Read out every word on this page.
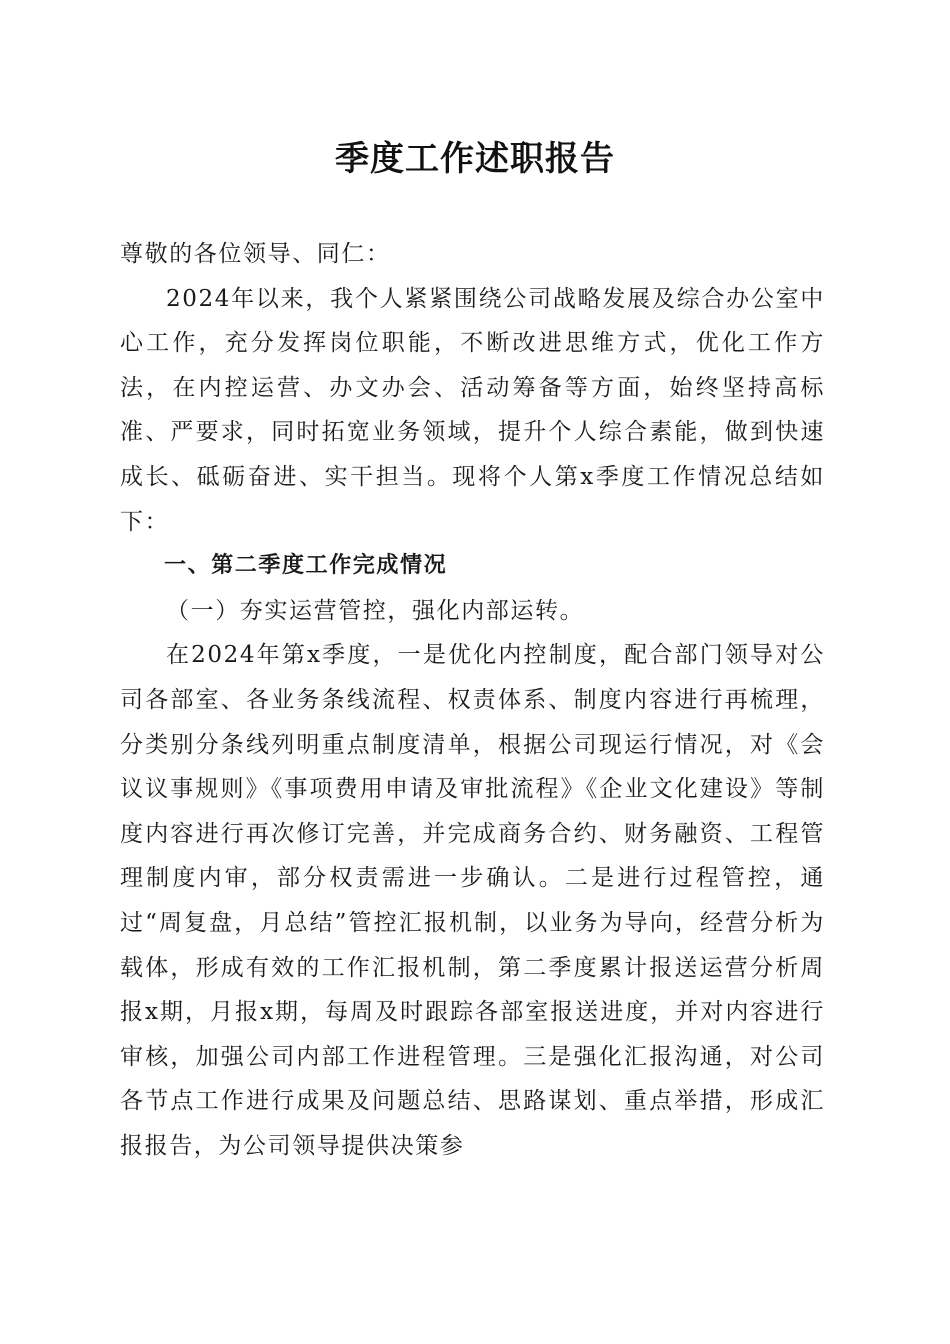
季度工作述职报告

尊敬的各位领导、同仁：

2024年以来，我个人紧紧围绕公司战略发展及综合办公室中心工作，充分发挥岗位职能，不断改进思维方式，优化工作方法，在内控运营、办文办会、活动筹备等方面，始终坚持高标准、严要求，同时拓宽业务领域，提升个人综合素能，做到快速成长、砥砺奋进、实干担当。现将个人第x季度工作情况总结如下：

一、第二季度工作完成情况

（一）夯实运营管控，强化内部运转。

在2024年第x季度，一是优化内控制度，配合部门领导对公司各部室、各业务条线流程、权责体系、制度内容进行再梳理，分类别分条线列明重点制度清单，根据公司现运行情况，对《会议议事规则》《事项费用申请及审批流程》《企业文化建设》等制度内容进行再次修订完善，并完成商务合约、财务融资、工程管理制度内审，部分权责需进一步确认。二是进行过程管控，通过“周复盘，月总结”管控汇报机制，以业务为导向，经营分析为载体，形成有效的工作汇报机制，第二季度累计报送运营分析周报x期，月报x期，每周及时跟踪各部室报送进度，并对内容进行审核，加强公司内部工作进程管理。三是强化汇报沟通，对公司各节点工作进行成果及问题总结、思路谋划、重点举措，形成汇报报告，为公司领导提供决策参
